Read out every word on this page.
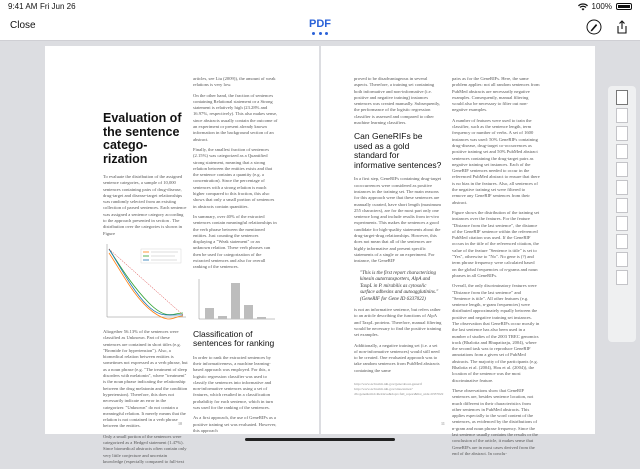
9:41 AM Fri Jun 26	100%
Close	PDF
Evaluation of the sentence catego-rization

To evaluate the distribution of the assigned sentence categories, a sample of 10,000 sentences containing pairs of drug-disease, drug-target and disease-target relationships was randomly selected from an existing collection of parsed sentences. Each sentence was assigned a sentence category according to the approach presented in section . The distribution over the categories is shown in Figure

Altogether 56.13% of the sentences were classified as Unknown. Part of these sentences are contained in short titles (e.g. "Bromide for hypertension"). Also, a biomedical relation between entities is sometimes not expressed as a verb phrase, but as a noun phrase (e.g. "The treatment of sleep disorders with melatonin", where "treatment" is the noun phrase indicating the relationship between the drug melatonin and the condition hypertension). Therefore, this does not necessarily indicate an error in the categorizer. "Unknown" do not contain a meaningful relation. It merely means that the relation is not contained in a verb phrase between the entities.

Only a small portion of the sentences were categorized as a Hedged statement (1.47%). Since biomedical abstracts often contain only very little conjecture and uncertain knowledge (especially compared to full-text

articles, see Liu (2009)), the amount of weak relations is very low.

On the other hand, the fraction of sentences containing Relational statement or a Strong statement is relatively high (23.28% and 16.97%, respectively). This also makes sense, since abstracts usually contain the outcome of an experiment or present already known information in the background section of an abstract.

Finally, the smallest fraction of sentences (2.15%) was categorized as a Quantified strong statement, meaning that a strong relation between the entities exists and that the sentence contains a quantity (e.g. a concentration). Since the percentage of sentences with a strong relation is much higher compared to this fraction, this also shows that only a small portion of sentences in abstracts contain quantities.

In summary, over 40% of the extracted sentences contain meaningful relationships in the verb phrase between the mentioned entities. Just counting the sentences displaying a "Weak statement" or an unknown relation. These verb phrases can then be used for categorization of the extracted sentences and also for overall ranking of the sentences.

Classification of sentences for ranking

In order to rank the extracted sentences by their informativeness, a machine learning-based approach was employed. For this, a logistic regression classifier was used to classify the sentences into informative and non-informative sentences using a set of features, which resulted in a classification probability for each sentence, which in turn was used for the ranking of the sentences.

As a first approach, the use of GeneRIFs as a positive training set was evaluated. However, this approach

10

proved to be disadvantageous in several aspects. Therefore, a training set containing both informative and non-informative (i.e. positive and negative training) instances sentences was created manually. Subsequently, the performance of the logistic regression classifier is assessed and compared to other machine learning classifiers.

Can GeneRIFs be used as a gold standard for informative sentences?

In a first step, GeneRIFs containing drug-target cooccurrences were considered as positive instances in the training set. The main reasons for this approach were that these sentences are manually curated, have short length (maximum 255 characters), are for the most part only one sentence long and include results from in-vivo experiments. This makes the sentences a good candidate for high-quality statements about the drug-target-drug relationships. However, this does not mean that all of the sentences are highly informative and present specific statements of a single or an experiment. For instance, the GeneRIF

"This is the first report characterizing kinesin autotransporters, AlpA and TaxpL in P. mirabilis as cytosolic surface adhesins and autoagglutinins." (GeneRIF for Gene ID 6337022)

is not an informative sentence, but refers rather to an article describing the functions of AlpA and TaxpL proteins. Therefore, manual filtering would be necessary to find the positive training set examples.

Additionally, a negative training set (i.e. a set of non-informative sentences) would still need to be created. One evaluated approach was to take random sentences from PubMed abstracts containing the same

http://www.ncbi.nlm.nih.gov/gene/about-generif
http://www.ncbi.nlm.nih.gov/sites/entrez?db=gene&cmd=Retrieve&dopt=full_report&list_uids=6337022

pairs as for the GeneRIFs. Here, the same problem applies: not all random sentences from PubMed abstracts are necessarily negative examples. Consequently, manual filtering would also be necessary to filter out non-negative examples.

A number of features were used to train the classifier, such as the sentence length, term frequency or number of verbs. A set of 1600 instances was used: 50% GeneRIFs containing drug-disease, drug-target co-occurrences as positive training set and 50% PubMed abstract sentences containing the drug-target pairs as negative training set instances. Each of the GeneRIF sentences needed to occur in the referenced PubMed abstract to ensure that there is no bias in the features. Also, all sentences of the negative training set were filtered to remove any GeneRIF sentences from their abstract.

Figure shows the distribution of the training set instances over the features. For the feature "Distance from the last sentence", the distance of the GeneRIF sentence within the referenced PubMed citation was used. If the GeneRIF occurs in the title of the referenced citation, the value of the feature "Sentence is title" is set to "Yes", otherwise to "No". No gene is (?) and term phrase frequency were calculated based on the global frequencies of n-grams and noun phrases in all GeneRIFs.

Overall, the only discriminatory features were "Distance from the last sentence" and "Sentence is title". All other features (e.g. sentence length, n-gram frequencies) were distributed approximately equally between the positive and negative training set instances. The observation that GeneRIFs occur mostly in the last sentence has also been used in a number of studies of the 2003 TREC genomics track (Bhalotia and Bhupatiraju, 2004), where the second task was to reproduce GeneRIF annotations from a given set of PubMed abstracts. The majority of the participants (e.g. Bhalotia et al. (2004), Hou et al. (2004)), the location of the sentence was the most discriminative feature.

These observations show that GeneRIF sentences are, besides sentence location, not much different in their characteristics from other sentences in PubMed abstracts. This applies especially to the word content of the sentences, as evidenced by the distributions of n-gram and noun phrase frequency. Since the last sentence usually contains the results or the conclusion of the article, it makes sense that GeneRIFs are in most cases derived from the end of the abstract. In conclu-

11
